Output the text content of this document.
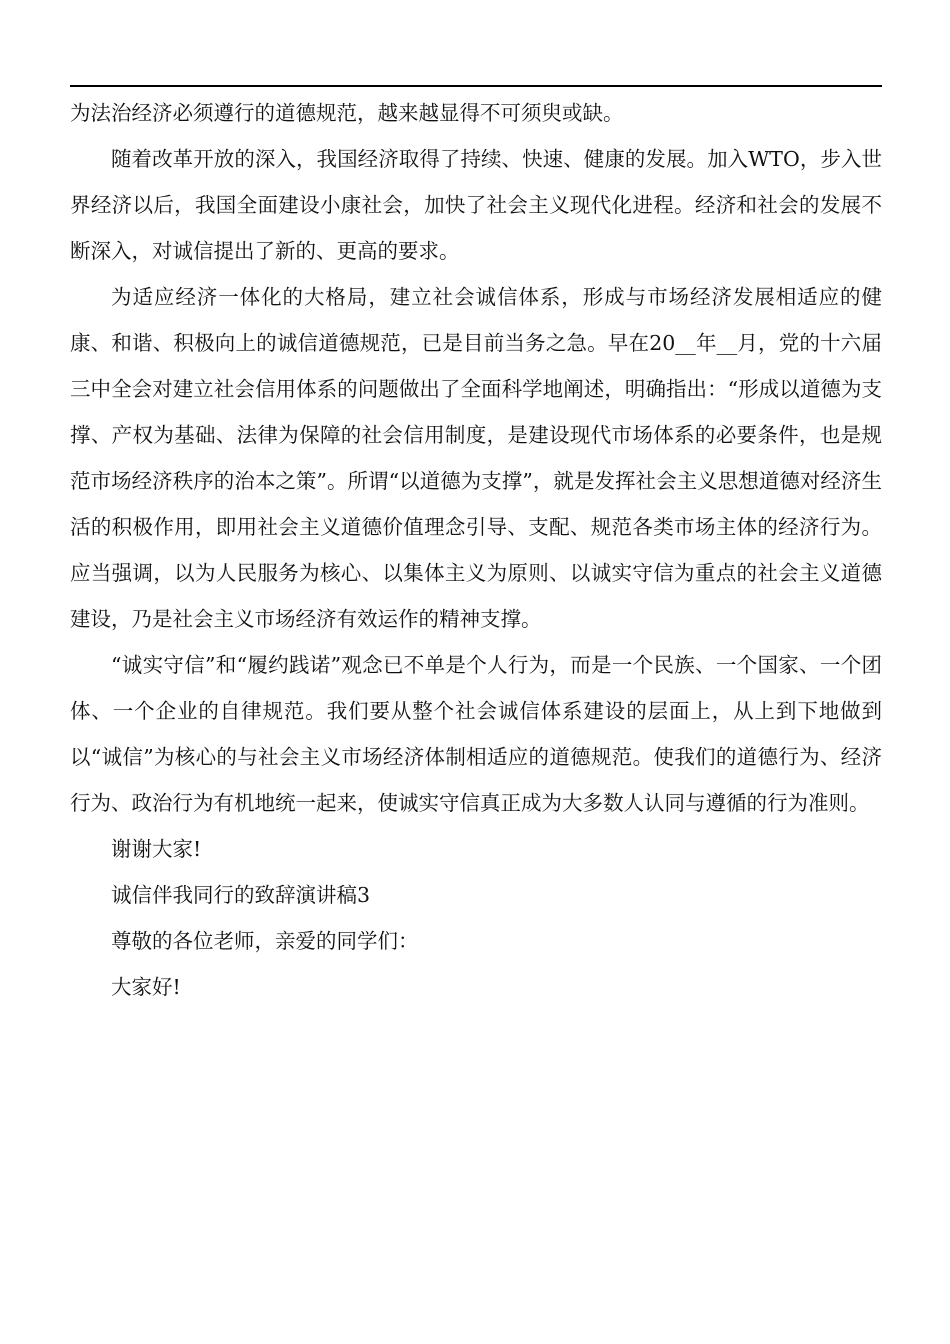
为法治经济必须遵行的道德规范，越来越显得不可须臾或缺。

随着改革开放的深入，我国经济取得了持续、快速、健康的发展。加入WTO，步入世界经济以后，我国全面建设小康社会，加快了社会主义现代化进程。经济和社会的发展不断深入，对诚信提出了新的、更高的要求。

为适应经济一体化的大格局，建立社会诚信体系，形成与市场经济发展相适应的健康、和谐、积极向上的诚信道德规范，已是目前当务之急。早在20__年__月，党的十六届三中全会对建立社会信用体系的问题做出了全面科学地阐述，明确指出：“形成以道德为支撑、产权为基础、法律为保障的社会信用制度，是建设现代市场体系的必要条件，也是规范市场经济秩序的治本之策”。所谓“以道德为支撑”，就是发挥社会主义思想道德对经济生活的积极作用，即用社会主义道德价值理念引导、支配、规范各类市场主体的经济行为。应当强调，以为人民服务为核心、以集体主义为原则、以诚实守信为重点的社会主义道德建设，乃是社会主义市场经济有效运作的精神支撑。

“诚实守信”和“履约践诺”观念已不单是个人行为，而是一个民族、一个国家、一个团体、一个企业的自律规范。我们要从整个社会诚信体系建设的层面上，从上到下地做到以“诚信”为核心的与社会主义市场经济体制相适应的道德规范。使我们的道德行为、经济行为、政治行为有机地统一起来，使诚实守信真正成为大多数人认同与遵循的行为准则。

谢谢大家!

诚信伴我同行的致辞演讲稿3

尊敬的各位老师，亲爱的同学们：

大家好!
